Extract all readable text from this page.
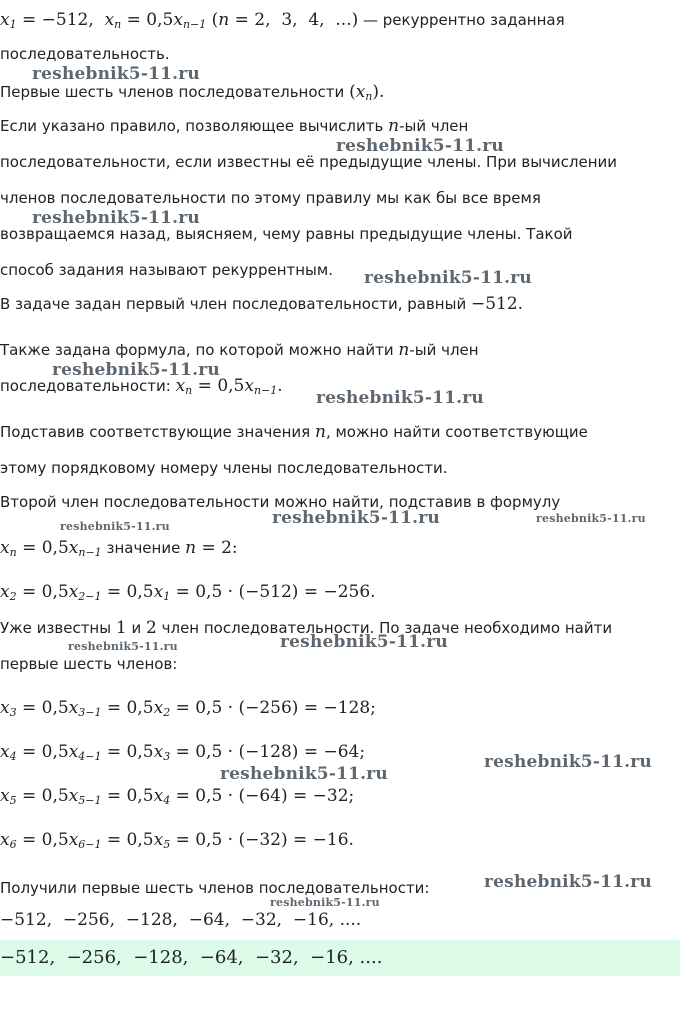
$x_1 = -512$,  $x_n = 0,5x_{n-1}$ (n = 2,  3,  4,  ...) — рекуррентно заданная
последовательность.
reshebnik5-11.ru
Первые шесть членов последовательности $(x_n)$.
Если указано правило, позволяющее вычислить n-ый член
reshebnik5-11.ru
последовательности, если известны её предыдущие члены. При вычислении
членов последовательности по этому правилу мы как бы все время
reshebnik5-11.ru
возвращаемся назад, выясняем, чему равны предыдущие члены. Такой
способ задания называют рекуррентным. reshebnik5-11.ru
В задаче задан первый член последовательности, равный −512.
Также задана формула, по которой можно найти n-ый член
reshebnik5-11.ru
последовательности: $x_n = 0,5x_{n-1}$.
reshebnik5-11.ru
Подставив соответствующие значения n, можно найти соответствующие
этому порядковому номеру члены последовательности.
Второй член последовательности можно найти, подставив в формулу
reshebnik5-11.ru
reshebnik5-11.ru
reshebnik5-11.ru
$x_n = 0,5x_{n-1}$ значение n = 2:
$x_2 = 0,5x_{2-1} = 0,5x_1 = 0,5 \cdot (-512) = -256$.
Уже известны 1 и 2 член последовательности. По задаче необходимо найти
reshebnik5-11.ru	reshebnik5-11.ru
первые шесть членов:
$x_3 = 0,5x_{3-1} = 0,5x_2 = 0,5 \cdot (-256) = -128$;
$x_4 = 0,5x_{4-1} = 0,5x_3 = 0,5 \cdot (-128) = -64$;	reshebnik5-11.ru
reshebnik5-11.ru
$x_5 = 0,5x_{5-1} = 0,5x_4 = 0,5 \cdot (-64) = -32$;
$x_6 = 0,5x_{6-1} = 0,5x_5 = 0,5 \cdot (-32) = -16$.
Получили первые шесть членов последовательности:	reshebnik5-11.ru
reshebnik5-11.ru
−512,  −256,  −128,  −64,  −32,  −16, ....
−512,  −256,  −128,  −64,  −32,  −16, ....
